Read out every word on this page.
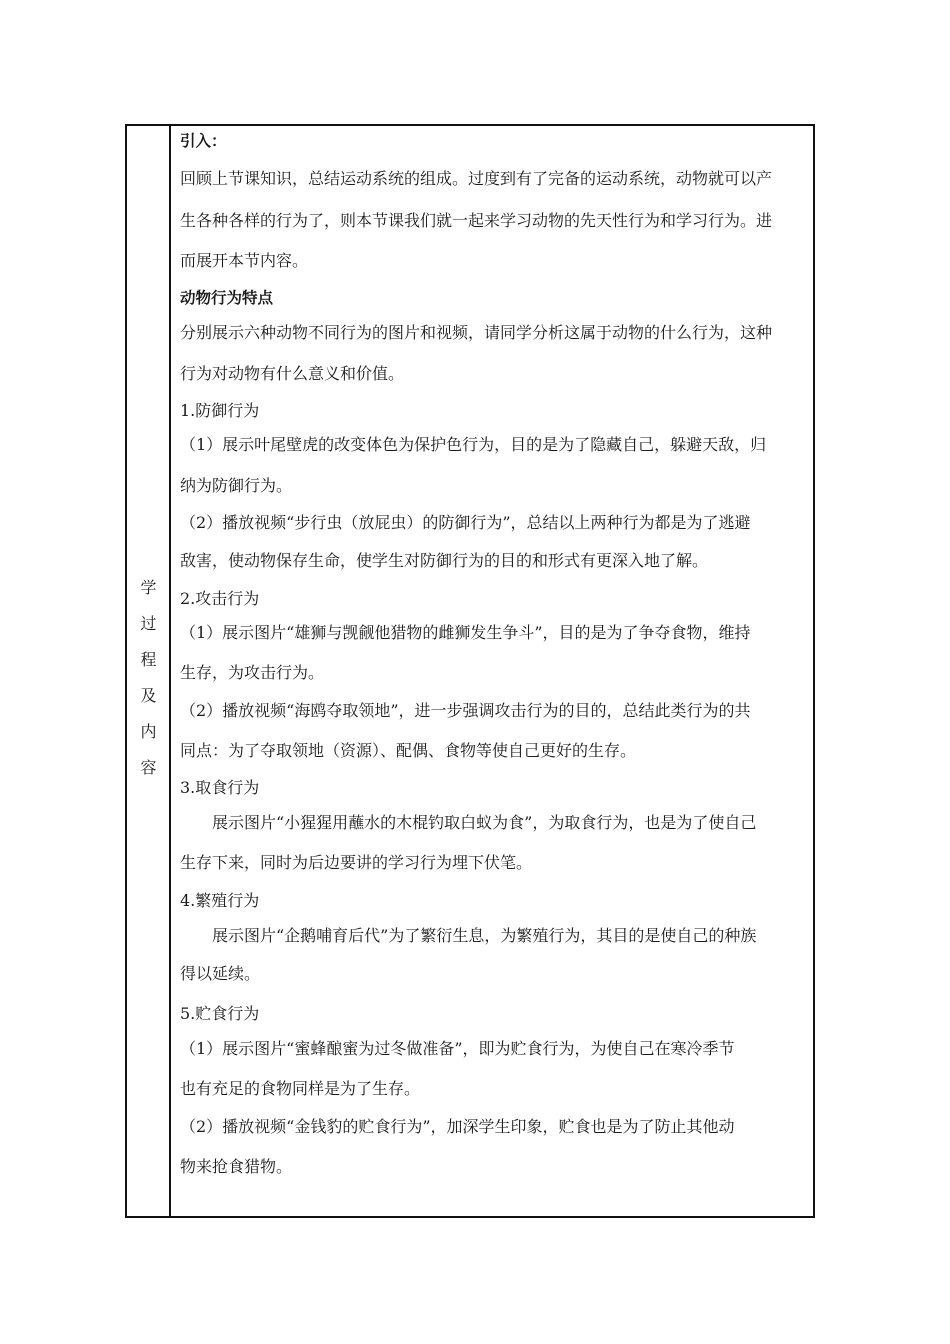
学
过
程
及
内
容
引入：
回顾上节课知识，总结运动系统的组成。过度到有了完备的运动系统，动物就可以产
生各种各样的行为了，则本节课我们就一起来学习动物的先天性行为和学习行为。进
而展开本节内容。
动物行为特点
分别展示六种动物不同行为的图片和视频，请同学分析这属于动物的什么行为，这种
行为对动物有什么意义和价值。
1.防御行为
（1）展示叶尾壁虎的改变体色为保护色行为，目的是为了隐藏自己，躲避天敌，归
纳为防御行为。
（2）播放视频“步行虫（放屁虫）的防御行为”，总结以上两种行为都是为了逃避
敌害，使动物保存生命，使学生对防御行为的目的和形式有更深入地了解。
2.攻击行为
（1）展示图片“雄狮与觊觎他猎物的雌狮发生争斗”，目的是为了争夺食物，维持
生存，为攻击行为。
（2）播放视频“海鸥夺取领地”，进一步强调攻击行为的目的，总结此类行为的共
同点：为了夺取领地（资源）、配偶、食物等使自己更好的生存。
3.取食行为
　　展示图片“小猩猩用蘸水的木棍钓取白蚁为食”，为取食行为，也是为了使自己
生存下来，同时为后边要讲的学习行为埋下伏笔。
4.繁殖行为
　　展示图片“企鹅哺育后代”为了繁衍生息，为繁殖行为，其目的是使自己的种族
得以延续。
5.贮食行为
（1）展示图片“蜜蜂酿蜜为过冬做准备”，即为贮食行为，为使自己在寒冷季节
也有充足的食物同样是为了生存。
（2）播放视频“金钱豹的贮食行为”，加深学生印象，贮食也是为了防止其他动
物来抢食猎物。
